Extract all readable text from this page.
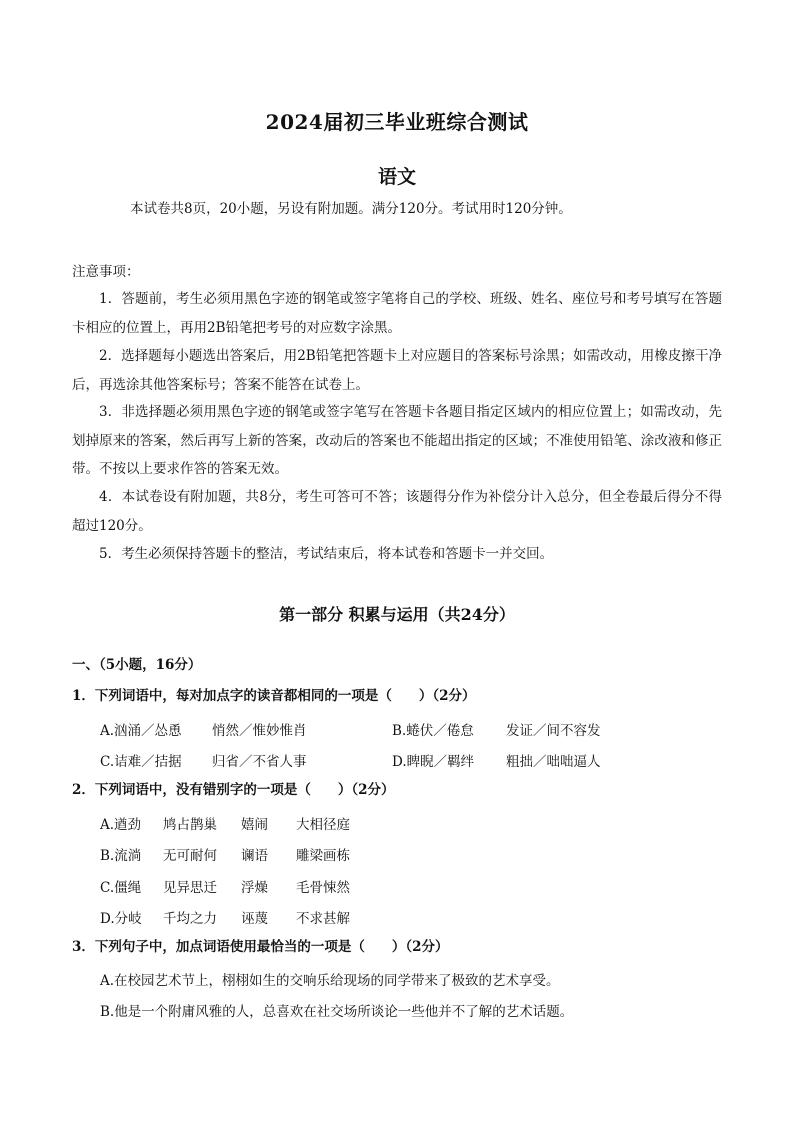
2024届初三毕业班综合测试
语文
本试卷共8页，20小题，另设有附加题。满分120分。考试用时120分钟。
注意事项：
1．答题前，考生必须用黑色字迹的钢笔或签字笔将自己的学校、班级、姓名、座位号和考号填写在答题卡相应的位置上，再用2B铅笔把考号的对应数字涂黑。
2．选择题每小题选出答案后，用2B铅笔把答题卡上对应题目的答案标号涂黑；如需改动，用橡皮擦干净后，再选涂其他答案标号；答案不能答在试卷上。
3．非选择题必须用黑色字迹的钢笔或签字笔写在答题卡各题目指定区域内的相应位置上；如需改动，先划掉原来的答案，然后再写上新的答案，改动后的答案也不能超出指定的区域；不准使用铅笔、涂改液和修正带。不按以上要求作答的答案无效。
4．本试卷设有附加题，共8分，考生可答可不答；该题得分作为补偿分计入总分，但全卷最后得分不得超过120分。
5．考生必须保持答题卡的整洁，考试结束后，将本试卷和答题卡一并交回。
第一部分 积累与运用（共24分）
一、（5小题，16分）
1．下列词语中，每对加点字的读音都相同的一项是（　　）（2分）
A.汹涌／怂恿 悄然／惟妙惟肖	B.蜷伏／倦怠 发证／间不容发
C.诘难／拮据 归省／不省人事	D.睥睨／羁绊 粗拙／咄咄逼人
2．下列词语中，没有错别字的一项是（　　）（2分）
A.遒劲 鸠占鹊巢 嬉闹 大相径庭
B.流淌 无可耐何 谰语 雕梁画栋
C.僵绳 见异思迁 浮燥 毛骨悚然
D.分岐 千均之力 诬蔑 不求甚解
3．下列句子中，加点词语使用最恰当的一项是（　　）（2分）
A.在校园艺术节上，栩栩如生的交响乐给现场的同学带来了极致的艺术享受。
B.他是一个附庸风雅的人，总喜欢在社交场所谈论一些他并不了解的艺术话题。
